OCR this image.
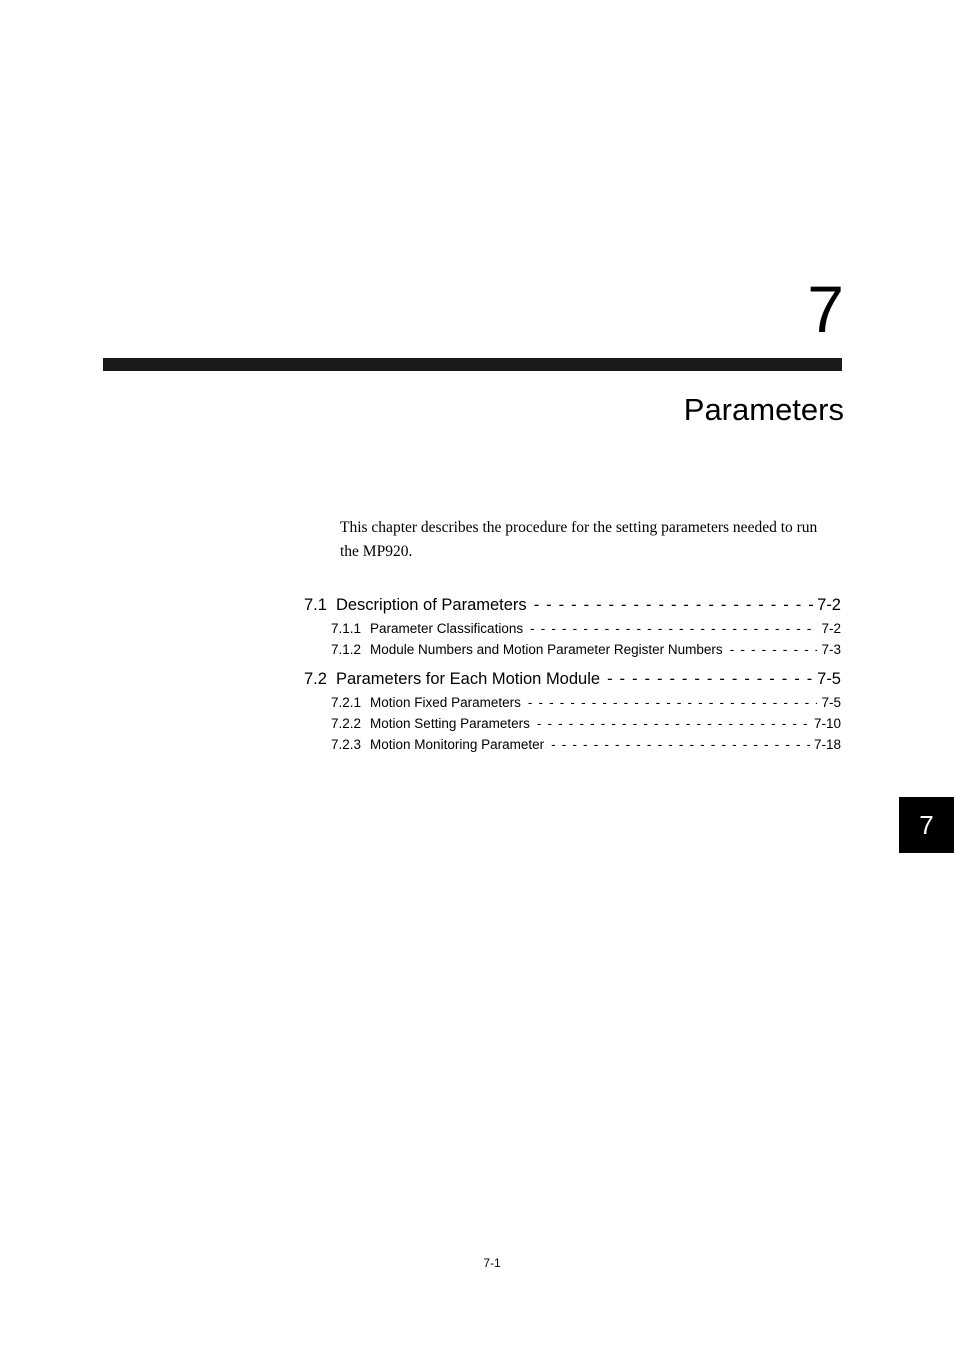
7
Parameters

This chapter describes the procedure for the setting parameters needed to run the MP920.

7.1 Description of Parameters - - -	7-2
7.1.1 Parameter Classifications - - -	7-2
7.1.2 Module Numbers and Motion Parameter Register Numbers - - -	7-3
7.2 Parameters for Each Motion Module - - -	7-5
7.2.1 Motion Fixed Parameters - - -	7-5
7.2.2 Motion Setting Parameters - - -	7-10
7.2.3 Motion Monitoring Parameter - - -	7-18
7
7-1
